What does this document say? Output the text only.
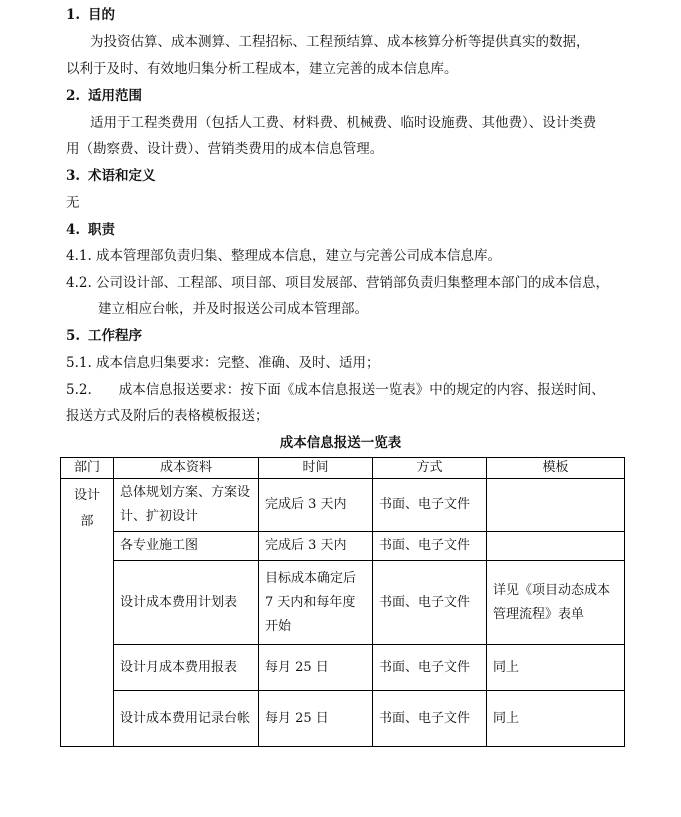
1. 目的
为投资估算、成本测算、工程招标、工程预结算、成本核算分析等提供真实的数据，
以利于及时、有效地归集分析工程成本，建立完善的成本信息库。
2. 适用范围
适用于工程类费用（包括人工费、材料费、机械费、临时设施费、其他费）、设计类费
用（勘察费、设计费）、营销类费用的成本信息管理。
3. 术语和定义
无
4. 职责
4.1. 成本管理部负责归集、整理成本信息，建立与完善公司成本信息库。
4.2. 公司设计部、工程部、项目部、项目发展部、营销部负责归集整理本部门的成本信息，
建立相应台帐，并及时报送公司成本管理部。
5. 工作程序
5.1. 成本信息归集要求：完整、准确、及时、适用；
5.2.　　成本信息报送要求：按下面《成本信息报送一览表》中的规定的内容、报送时间、
报送方式及附后的表格模板报送；
成本信息报送一览表
部门	成本资料	时间	方式	模板

设计部	总体规划方案、方案设计、扩初设计	完成后 3 天内	书面、电子文件	

	各专业施工图	完成后 3 天内	书面、电子文件	

	设计成本费用计划表	目标成本确定后 7 天内和每年度开始	书面、电子文件	详见《项目动态成本管理流程》表单

	设计月成本费用报表	每月 25 日	书面、电子文件	同上

	设计成本费用记录台帐	每月 25 日	书面、电子文件	同上
